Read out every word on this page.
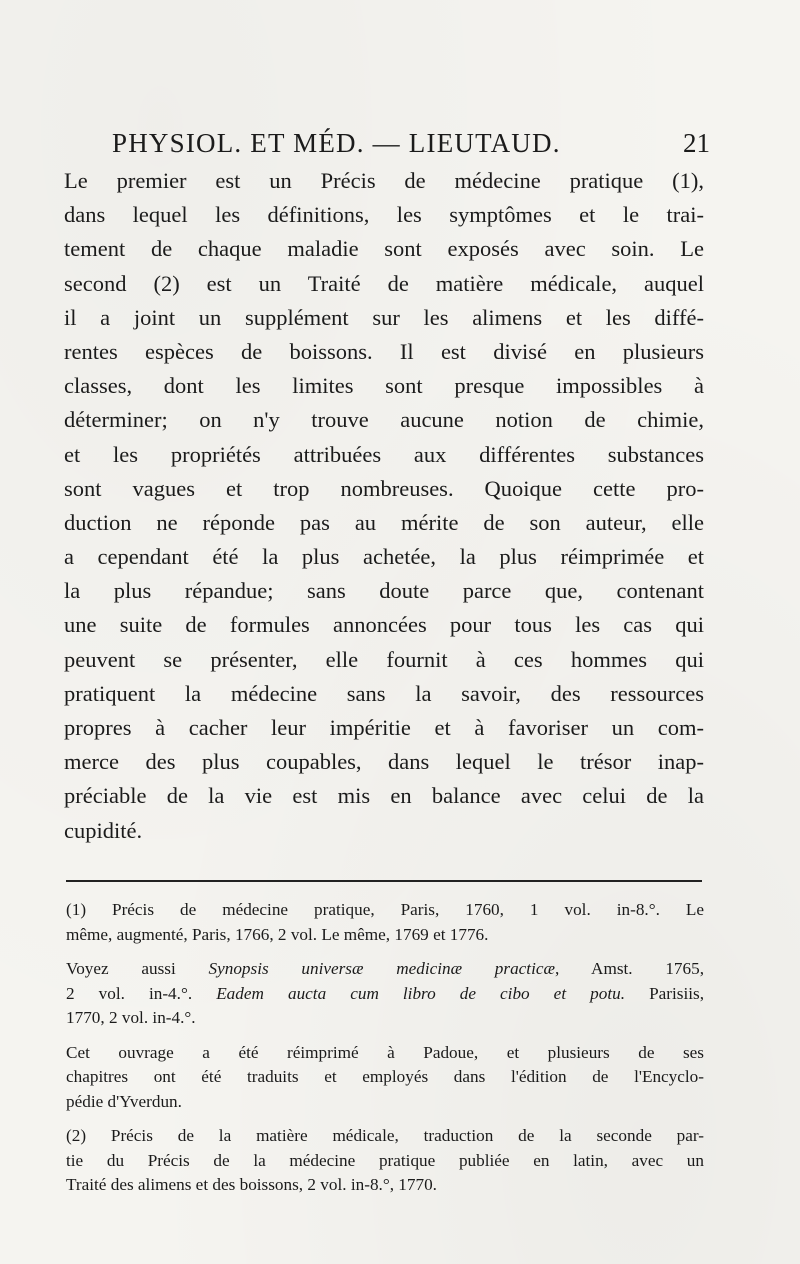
PHYSIOL. ET MÉD. — LIEUTAUD.	21
Le premier est un Précis de médecine pratique (1),
dans lequel les définitions, les symptômes et le trai-
tement de chaque maladie sont exposés avec soin. Le
second (2) est un Traité de matière médicale, auquel
il a joint un supplément sur les alimens et les diffé-
rentes espèces de boissons. Il est divisé en plusieurs
classes, dont les limites sont presque impossibles à
déterminer; on n'y trouve aucune notion de chimie,
et les propriétés attribuées aux différentes substances
sont vagues et trop nombreuses. Quoique cette pro-
duction ne réponde pas au mérite de son auteur, elle
a cependant été la plus achetée, la plus réimprimée et
la plus répandue; sans doute parce que, contenant
une suite de formules annoncées pour tous les cas qui
peuvent se présenter, elle fournit à ces hommes qui
pratiquent la médecine sans la savoir, des ressources
propres à cacher leur impéritie et à favoriser un com-
merce des plus coupables, dans lequel le trésor inap-
préciable de la vie est mis en balance avec celui de la
cupidité.
(1) Précis de médecine pratique, Paris, 1760, 1 vol. in-8.°. Le
même, augmenté, Paris, 1766, 2 vol. Le même, 1769 et 1776.
Voyez aussi Synopsis universæ medicinæ practicæ, Amst. 1765,
2 vol. in-4.°. Eadem aucta cum libro de cibo et potu. Parisiis,
1770, 2 vol. in-4.°.
Cet ouvrage a été réimprimé à Padoue, et plusieurs de ses
chapitres ont été traduits et employés dans l'édition de l'Encyclo-
pédie d'Yverdun.
(2) Précis de la matière médicale, traduction de la seconde par-
tie du Précis de la médecine pratique publiée en latin, avec un
Traité des alimens et des boissons, 2 vol. in-8.°, 1770.
